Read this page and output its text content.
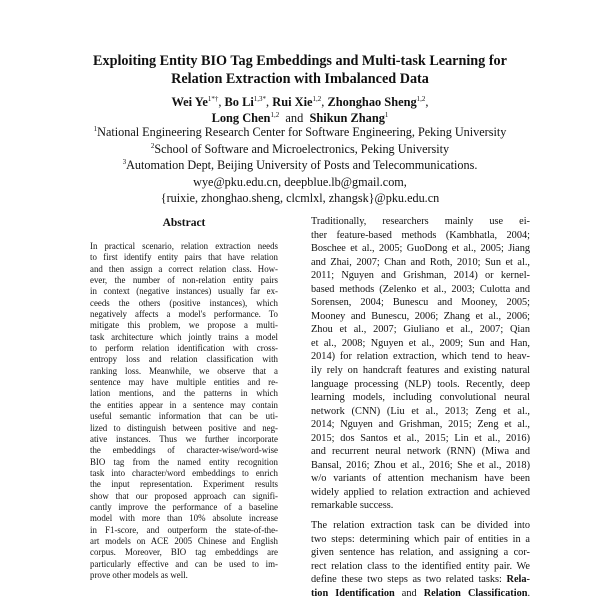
Exploiting Entity BIO Tag Embeddings and Multi-task Learning for
Relation Extraction with Imbalanced Data
Wei $Ye^{1*\dagger}$, Bo $Li^{1,3*}$, Rui Xie$^{1,2}$, Zhonghao Sheng$^{1,2}$,
Long Chen$^{1,2}$ and Shikun Zhang$^1$
$^1$National Engineering Research Center for Software Engineering, Peking University
$^2$School of Software and Microelectronics, Peking University
$^3$Automation Dept, Beijing University of Posts and Telecommunications.
wye@pku.edu.cn, deepblue.lb@gmail.com,
{ruixie, zhonghao.sheng, clcmlxl, zhangsk}@pku.edu.cn
Abstract
In practical scenario, relation extraction needs
to first identify entity pairs that have relation
and then assign a correct relation class. How-
ever, the number of non-relation entity pairs
in context (negative instances) usually far ex-
ceeds the others (positive instances), which
negatively affects a model's performance. To
mitigate this problem, we propose a multi-
task architecture which jointly trains a model
to perform relation identification with cross-
entropy loss and relation classification with
ranking loss. Meanwhile, we observe that a
sentence may have multiple entities and re-
lation mentions, and the patterns in which
the entities appear in a sentence may contain
useful semantic information that can be uti-
lized to distinguish between positive and neg-
ative instances. Thus we further incorporate
the embeddings of character-wise/word-wise
BIO tag from the named entity recognition
task into character/word embeddings to enrich
the input representation. Experiment results
show that our proposed approach can signifi-
cantly improve the performance of a baseline
model with more than 10% absolute increase
in F1-score, and outperform the state-of-the-
art models on ACE 2005 Chinese and English
corpus. Moreover, BIO tag embeddings are
particularly effective and can be used to im-
prove other models as well.
Traditionally, researchers mainly use ei-
ther feature-based methods (Kambhatla, 2004;
Boschee et al., 2005; GuoDong et al., 2005; Jiang
and Zhai, 2007; Chan and Roth, 2010; Sun et al.,
2011; Nguyen and Grishman, 2014) or kernel-
based methods (Zelenko et al., 2003; Culotta and
Sorensen, 2004; Bunescu and Mooney, 2005;
Mooney and Bunescu, 2006; Zhang et al., 2006;
Zhou et al., 2007; Giuliano et al., 2007; Qian
et al., 2008; Nguyen et al., 2009; Sun and Han,
2014) for relation extraction, which tend to heav-
ily rely on handcraft features and existing natural
language processing (NLP) tools. Recently, deep
learning models, including convolutional neural
network (CNN) (Liu et al., 2013; Zeng et al.,
2014; Nguyen and Grishman, 2015; Zeng et al.,
2015; dos Santos et al., 2015; Lin et al., 2016)
and recurrent neural network (RNN) (Miwa and
Bansal, 2016; Zhou et al., 2016; She et al., 2018)
w/o variants of attention mechanism have been
widely applied to relation extraction and achieved
remarkable success.
The relation extraction task can be divided into
two steps: determining which pair of entities in a
given sentence has relation, and assigning a cor-
rect relation class to the identified entity pair. We
define these two steps as two related tasks: Rela-
tion Identification and Relation Classification.
